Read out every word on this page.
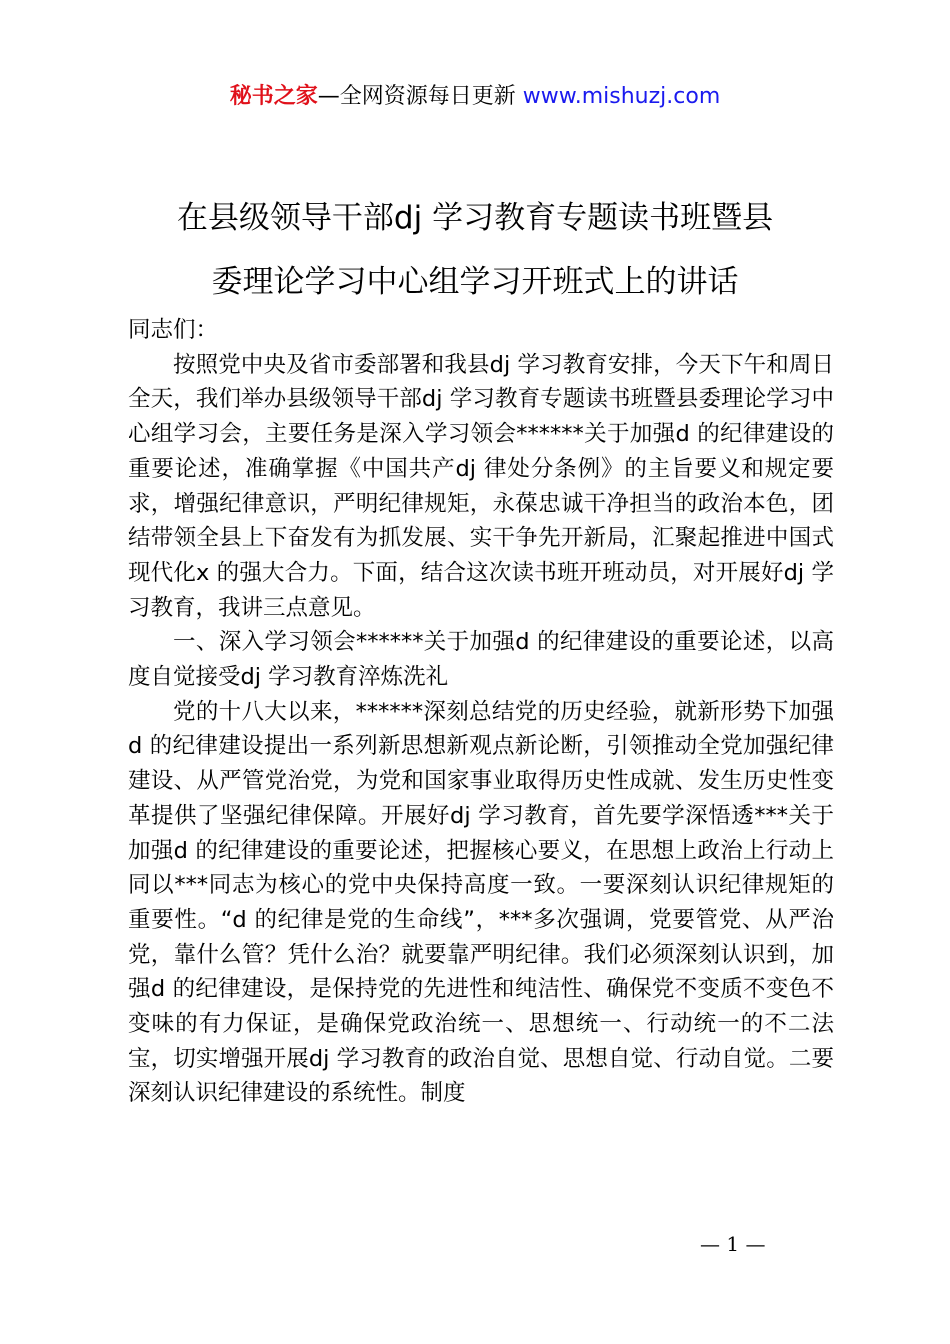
秘书之家—全网资源每日更新 www.mishuzj.com
在县级领导干部dj 学习教育专题读书班暨县
委理论学习中心组学习开班式上的讲话

同志们：

按照党中央及省市委部署和我县dj 学习教育安排，今天下午和周日全天，我们举办县级领导干部dj 学习教育专题读书班暨县委理论学习中心组学习会，主要任务是深入学习领会******关于加强d 的纪律建设的重要论述，准确掌握《中国共产dj 律处分条例》的主旨要义和规定要求，增强纪律意识，严明纪律规矩，永葆忠诚干净担当的政治本色，团结带领全县上下奋发有为抓发展、实干争先开新局，汇聚起推进中国式现代化x 的强大合力。下面，结合这次读书班开班动员，对开展好dj 学习教育，我讲三点意见。

一、深入学习领会******关于加强d 的纪律建设的重要论述，以高度自觉接受dj 学习教育淬炼洗礼

党的十八大以来，******深刻总结党的历史经验，就新形势下加强d 的纪律建设提出一系列新思想新观点新论断，引领推动全党加强纪律建设、从严管党治党，为党和国家事业取得历史性成就、发生历史性变革提供了坚强纪律保障。开展好dj 学习教育，首先要学深悟透***关于加强d 的纪律建设的重要论述，把握核心要义，在思想上政治上行动上同以***同志为核心的党中央保持高度一致。一要深刻认识纪律规矩的重要性。“d 的纪律是党的生命线”，***多次强调，党要管党、从严治党，靠什么管？凭什么治？就要靠严明纪律。我们必须深刻认识到，加强d 的纪律建设，是保持党的先进性和纯洁性、确保党不变质不变色不变味的有力保证，是确保党政治统一、思想统一、行动统一的不二法宝，切实增强开展dj 学习教育的政治自觉、思想自觉、行动自觉。二要深刻认识纪律建设的系统性。制度

— 1 —
